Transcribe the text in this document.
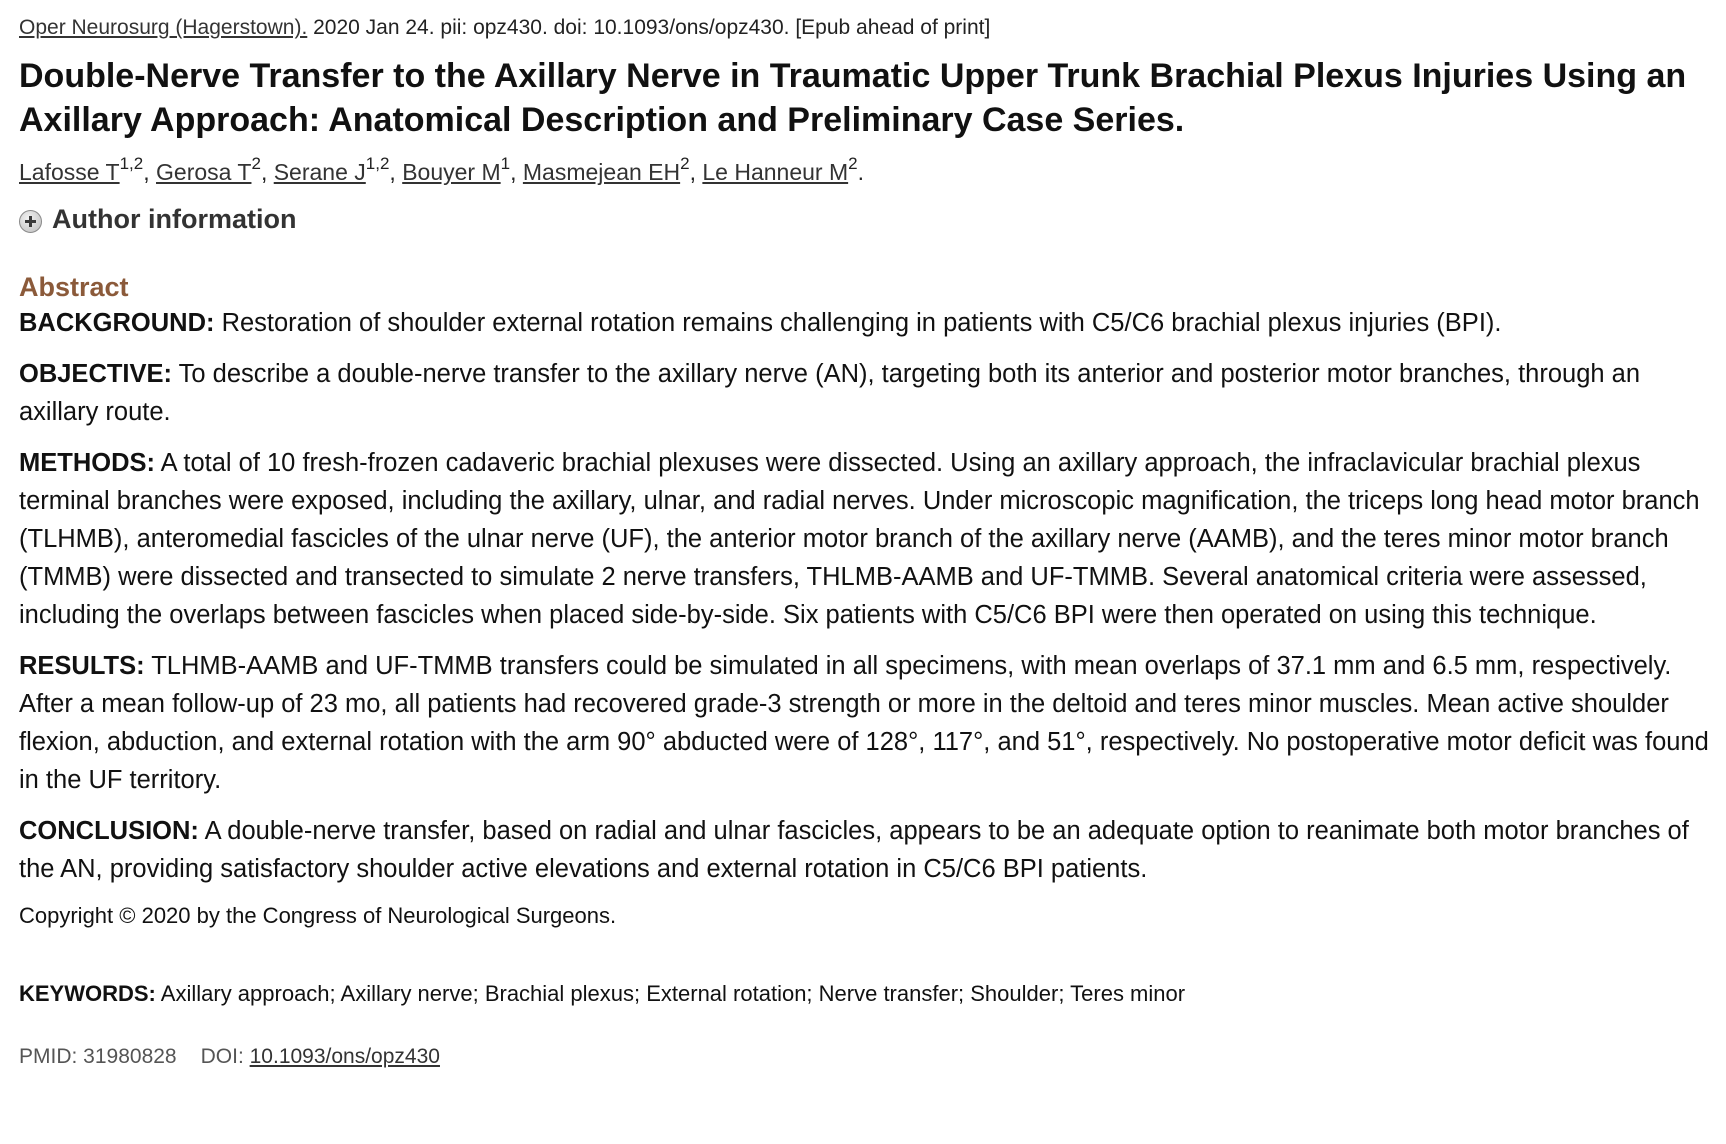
Oper Neurosurg (Hagerstown). 2020 Jan 24. pii: opz430. doi: 10.1093/ons/opz430. [Epub ahead of print]
Double-Nerve Transfer to the Axillary Nerve in Traumatic Upper Trunk Brachial Plexus Injuries Using an Axillary Approach: Anatomical Description and Preliminary Case Series.
Lafosse T$^{1,2}$, Gerosa $T^2$, Serane J$^{1,2}$, Bouyer $M^1$, Masmejean $EH^2$, Le Hanneur $M^2$.
Author information
Abstract

BACKGROUND: Restoration of shoulder external rotation remains challenging in patients with C5/C6 brachial plexus injuries (BPI).

OBJECTIVE: To describe a double-nerve transfer to the axillary nerve (AN), targeting both its anterior and posterior motor branches, through an axillary route.

METHODS: A total of 10 fresh-frozen cadaveric brachial plexuses were dissected. Using an axillary approach, the infraclavicular brachial plexus terminal branches were exposed, including the axillary, ulnar, and radial nerves. Under microscopic magnification, the triceps long head motor branch (TLHMB), anteromedial fascicles of the ulnar nerve (UF), the anterior motor branch of the axillary nerve (AAMB), and the teres minor motor branch (TMMB) were dissected and transected to simulate 2 nerve transfers, THLMB-AAMB and UF-TMMB. Several anatomical criteria were assessed, including the overlaps between fascicles when placed side-by-side. Six patients with C5/C6 BPI were then operated on using this technique.

RESULTS: TLHMB-AAMB and UF-TMMB transfers could be simulated in all specimens, with mean overlaps of 37.1 mm and 6.5 mm, respectively. After a mean follow-up of 23 mo, all patients had recovered grade-3 strength or more in the deltoid and teres minor muscles. Mean active shoulder flexion, abduction, and external rotation with the arm 90° abducted were of 128°, 117°, and 51°, respectively. No postoperative motor deficit was found in the UF territory.

CONCLUSION: A double-nerve transfer, based on radial and ulnar fascicles, appears to be an adequate option to reanimate both motor branches of the AN, providing satisfactory shoulder active elevations and external rotation in C5/C6 BPI patients.

Copyright © 2020 by the Congress of Neurological Surgeons.
KEYWORDS: Axillary approach; Axillary nerve; Brachial plexus; External rotation; Nerve transfer; Shoulder; Teres minor
PMID: 31980828 DOI: 10.1093/ons/opz430
